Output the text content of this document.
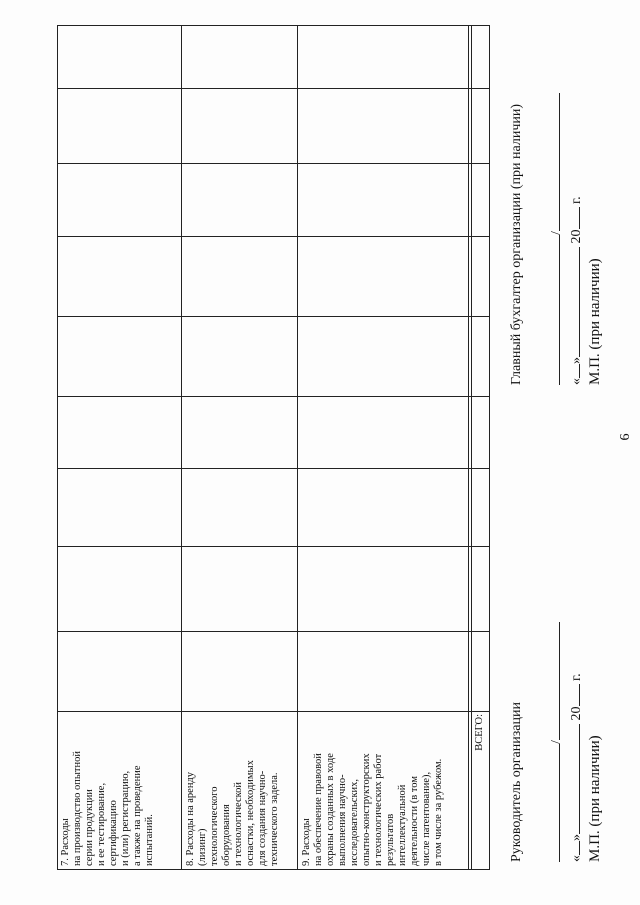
6
7. Расходы
на производство опытной
серии продукции
и ее тестирование,
сертификацию
и (или) регистрацию,
а также на проведение
испытаний.	8. Расходы на аренду
(лизинг)
технологического
оборудования
и технологической
оснастки, необходимых
для создания научно-
технического задела.
9. Расходы
на обеспечение правовой
охраны созданных в ходе
выполнения научно-
исследовательских,
опытно-конструкторских
и технологических работ
результатов
интеллектуальной
деятельности (в том
числе патентование),
в том числе за рубежом.
ВСЕГО: Руководитель организации /
«» 20 г.
М.П. (при наличии)
Главный бухгалтер организации (при наличии) /
«» 20 г.
М.П. (при наличии)
